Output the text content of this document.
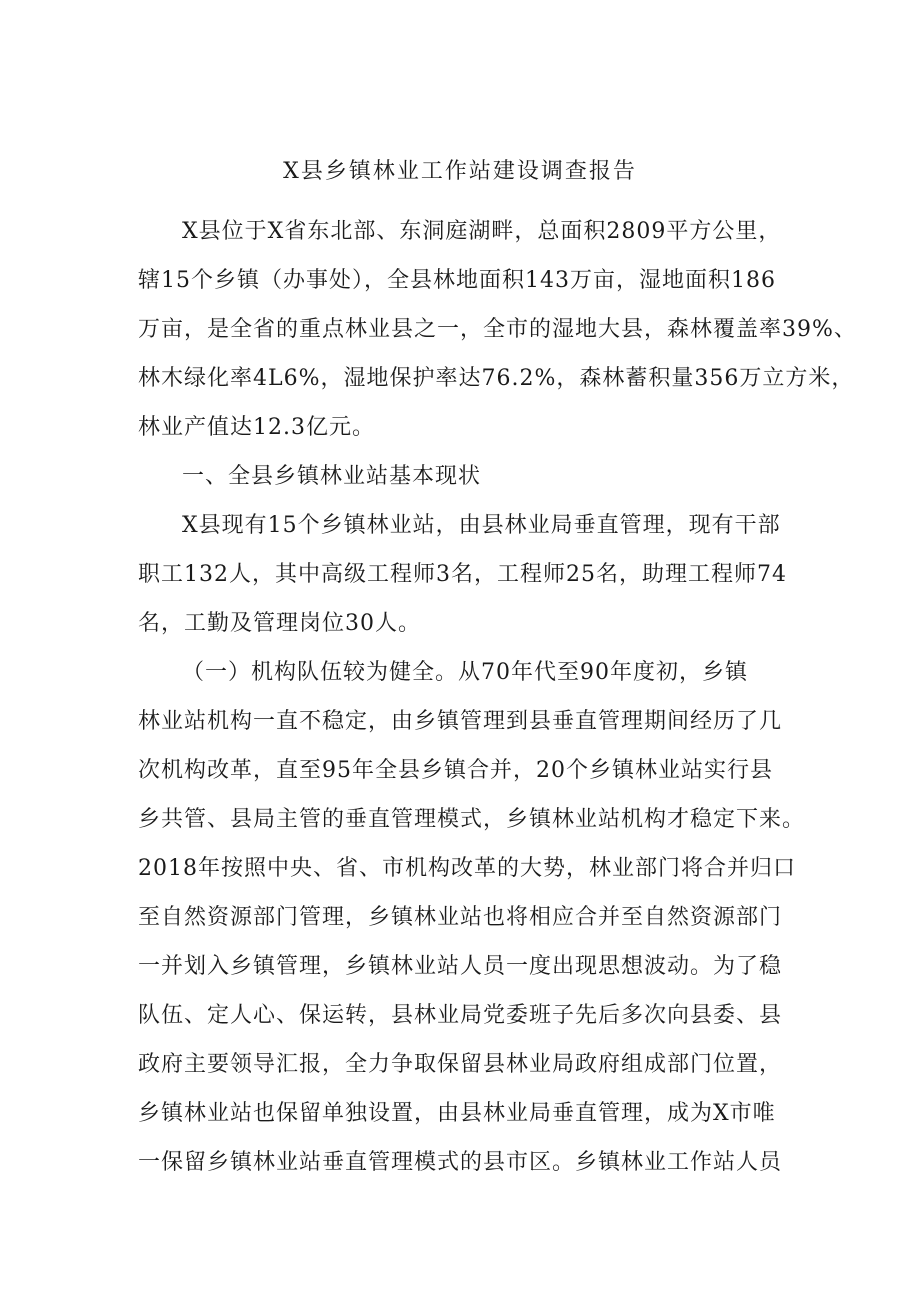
X县乡镇林业工作站建设调查报告
X县位于X省东北部、东洞庭湖畔，总面积2809平方公里，
辖15个乡镇（办事处），全县林地面积143万亩，湿地面积186
万亩，是全省的重点林业县之一，全市的湿地大县，森林覆盖率39%、
林木绿化率4L6%，湿地保护率达76.2%，森林蓄积量356万立方米，
林业产值达12.3亿元。
一、全县乡镇林业站基本现状
X县现有15个乡镇林业站，由县林业局垂直管理，现有干部
职工132人，其中高级工程师3名，工程师25名，助理工程师74
名，工勤及管理岗位30人。
（一）机构队伍较为健全。从70年代至90年度初，乡镇
林业站机构一直不稳定，由乡镇管理到县垂直管理期间经历了几
次机构改革，直至95年全县乡镇合并，20个乡镇林业站实行县
乡共管、县局主管的垂直管理模式，乡镇林业站机构才稳定下来。
2018年按照中央、省、市机构改革的大势，林业部门将合并归口
至自然资源部门管理，乡镇林业站也将相应合并至自然资源部门
一并划入乡镇管理，乡镇林业站人员一度出现思想波动。为了稳
队伍、定人心、保运转，县林业局党委班子先后多次向县委、县
政府主要领导汇报，全力争取保留县林业局政府组成部门位置，
乡镇林业站也保留单独设置，由县林业局垂直管理，成为X市唯
一保留乡镇林业站垂直管理模式的县市区。乡镇林业工作站人员
